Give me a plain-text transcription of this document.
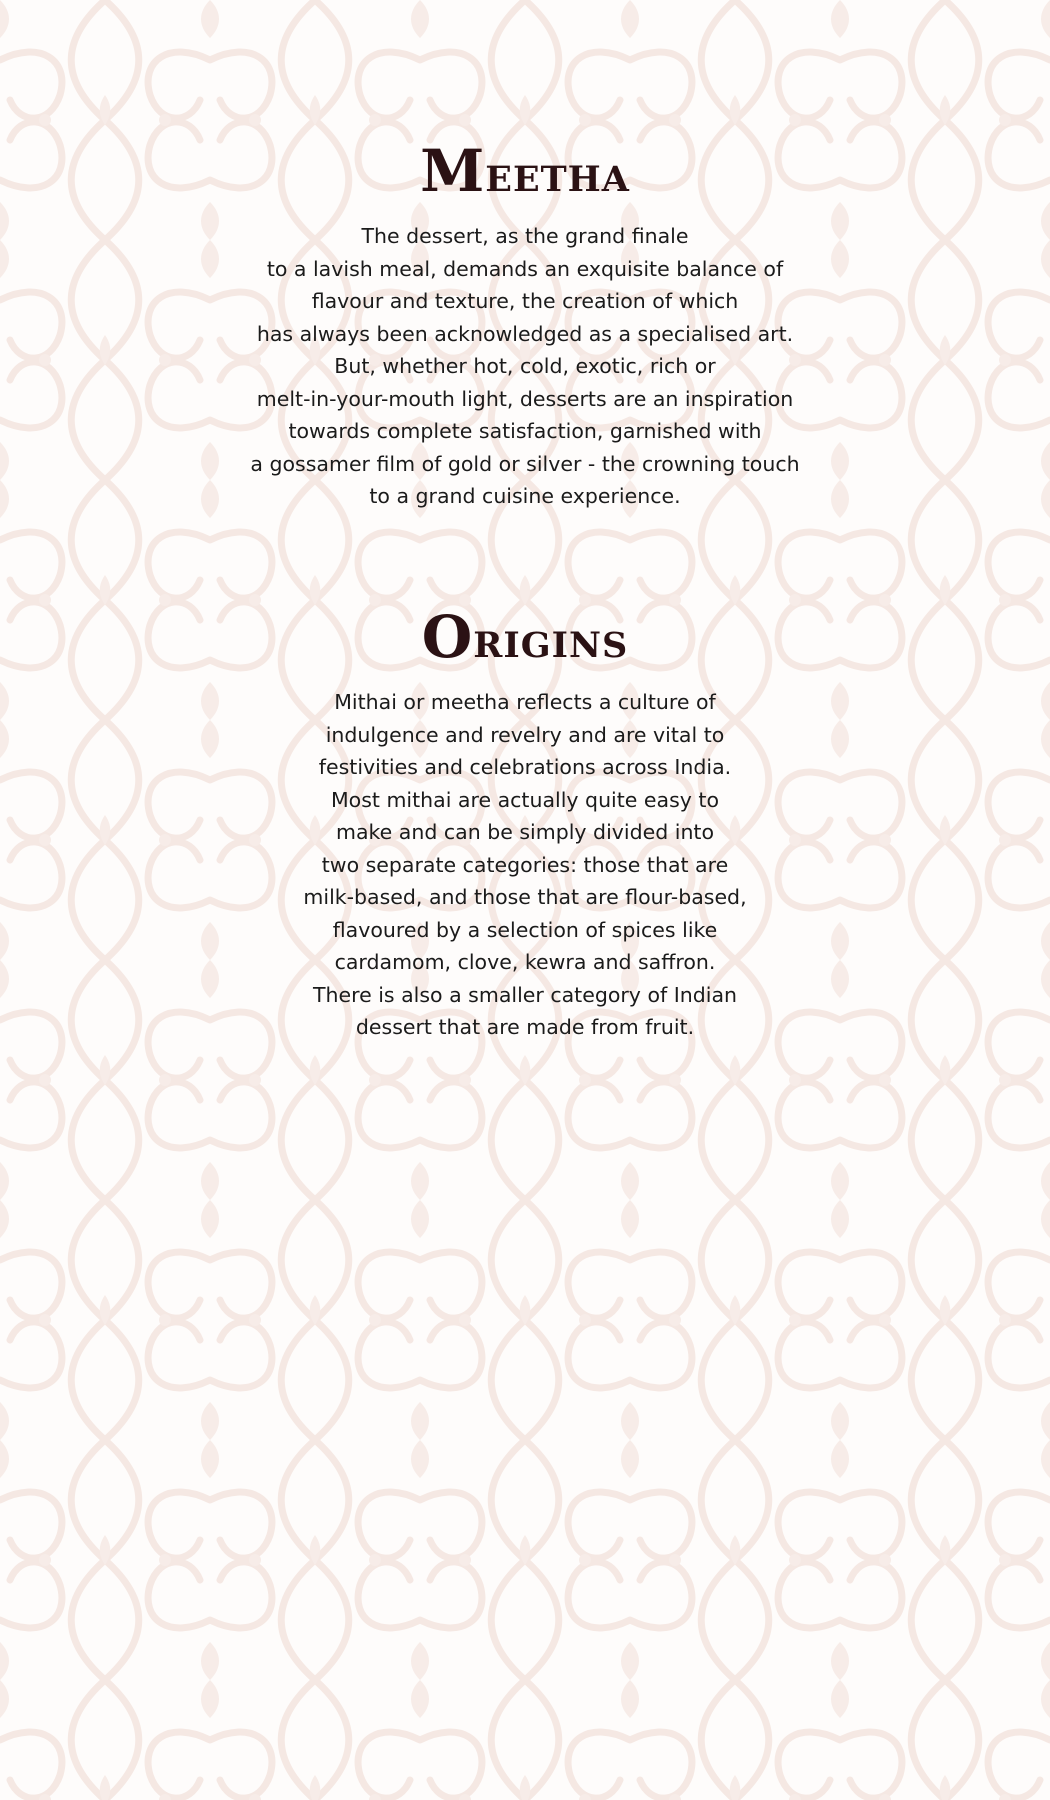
Meetha

The dessert, as the grand finale
to a lavish meal, demands an exquisite balance of
flavour and texture, the creation of which
has always been acknowledged as a specialised art.
But, whether hot, cold, exotic, rich or
melt-in-your-mouth light, desserts are an inspiration
towards complete satisfaction, garnished with
a gossamer film of gold or silver - the crowning touch
to a grand cuisine experience.

Origins

Mithai or meetha reflects a culture of
indulgence and revelry and are vital to
festivities and celebrations across India.
Most mithai are actually quite easy to
make and can be simply divided into
two separate categories: those that are
milk-based, and those that are flour-based,
flavoured by a selection of spices like
cardamom, clove, kewra and saffron.
There is also a smaller category of Indian
dessert that are made from fruit.
